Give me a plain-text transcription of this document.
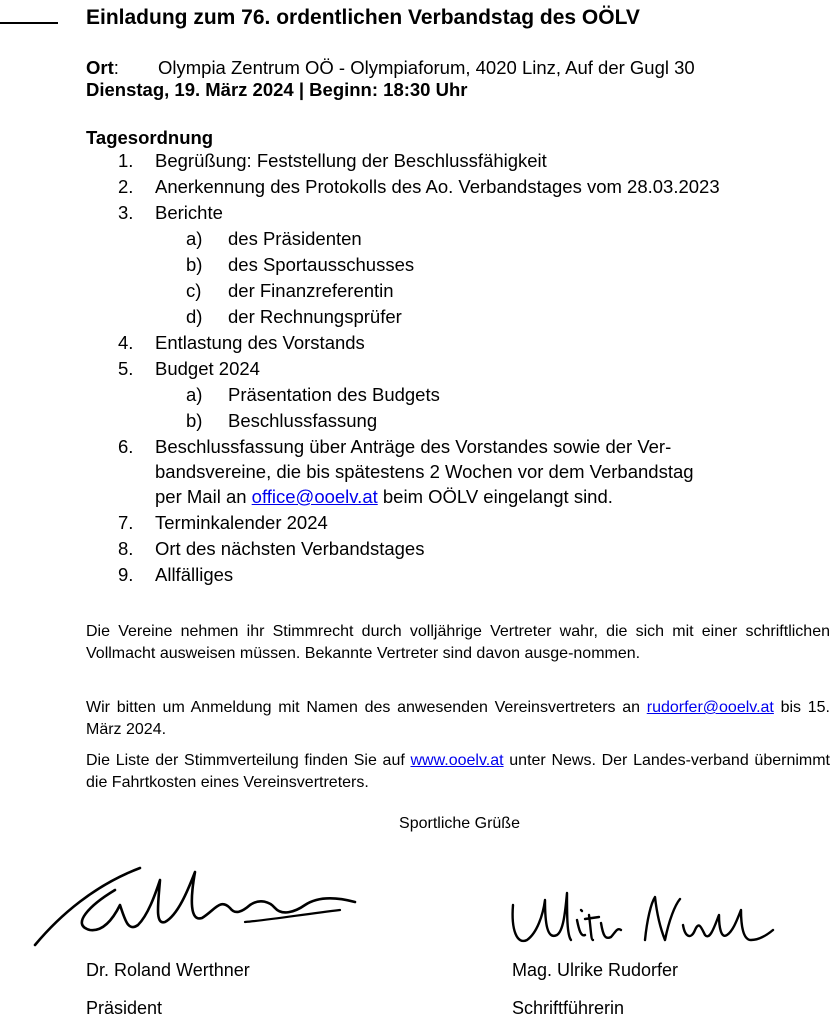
Einladung zum 76. ordentlichen Verbandstag des OÖLV
Ort: Olympia Zentrum OÖ - Olympiaforum, 4020 Linz, Auf der Gugl 30
Dienstag, 19. März 2024 | Beginn: 18:30 Uhr
Tagesordnung
1.	Begrüßung: Feststellung der Beschlussfähigkeit
2.	Anerkennung des Protokolls des Ao. Verbandstages vom 28.03.2023
3.	Berichte
a)	des Präsidenten
b)	des Sportausschusses
c)	der Finanzreferentin
d)	der Rechnungsprüfer
4.	Entlastung des Vorstands
5.	Budget 2024
a)	Präsentation des Budgets
b)	Beschlussfassung
6.	Beschlussfassung über Anträge des Vorstandes sowie der Ver-
bandsvereine, die bis spätestens 2 Wochen vor dem Verbandstag
per Mail an office@ooelv.at beim OÖLV eingelangt sind.
7.	Terminkalender 2024
8.	Ort des nächsten Verbandstages
9.	Allfälliges

Die Vereine nehmen ihr Stimmrecht durch volljährige Vertreter wahr, die sich mit einer schriftlichen Vollmacht ausweisen müssen. Bekannte Vertreter sind davon ausge-nommen.

Wir bitten um Anmeldung mit Namen des anwesenden Vereinsvertreters an rudorfer@ooelv.at bis 15. März 2024.

Die Liste der Stimmverteilung finden Sie auf www.ooelv.at unter News. Der Landes-verband übernimmt die Fahrtkosten eines Vereinsvertreters.

Sportliche Grüße
Dr. Roland Werthner
Präsident
Mag. Ulrike Rudorfer
Schriftführerin
